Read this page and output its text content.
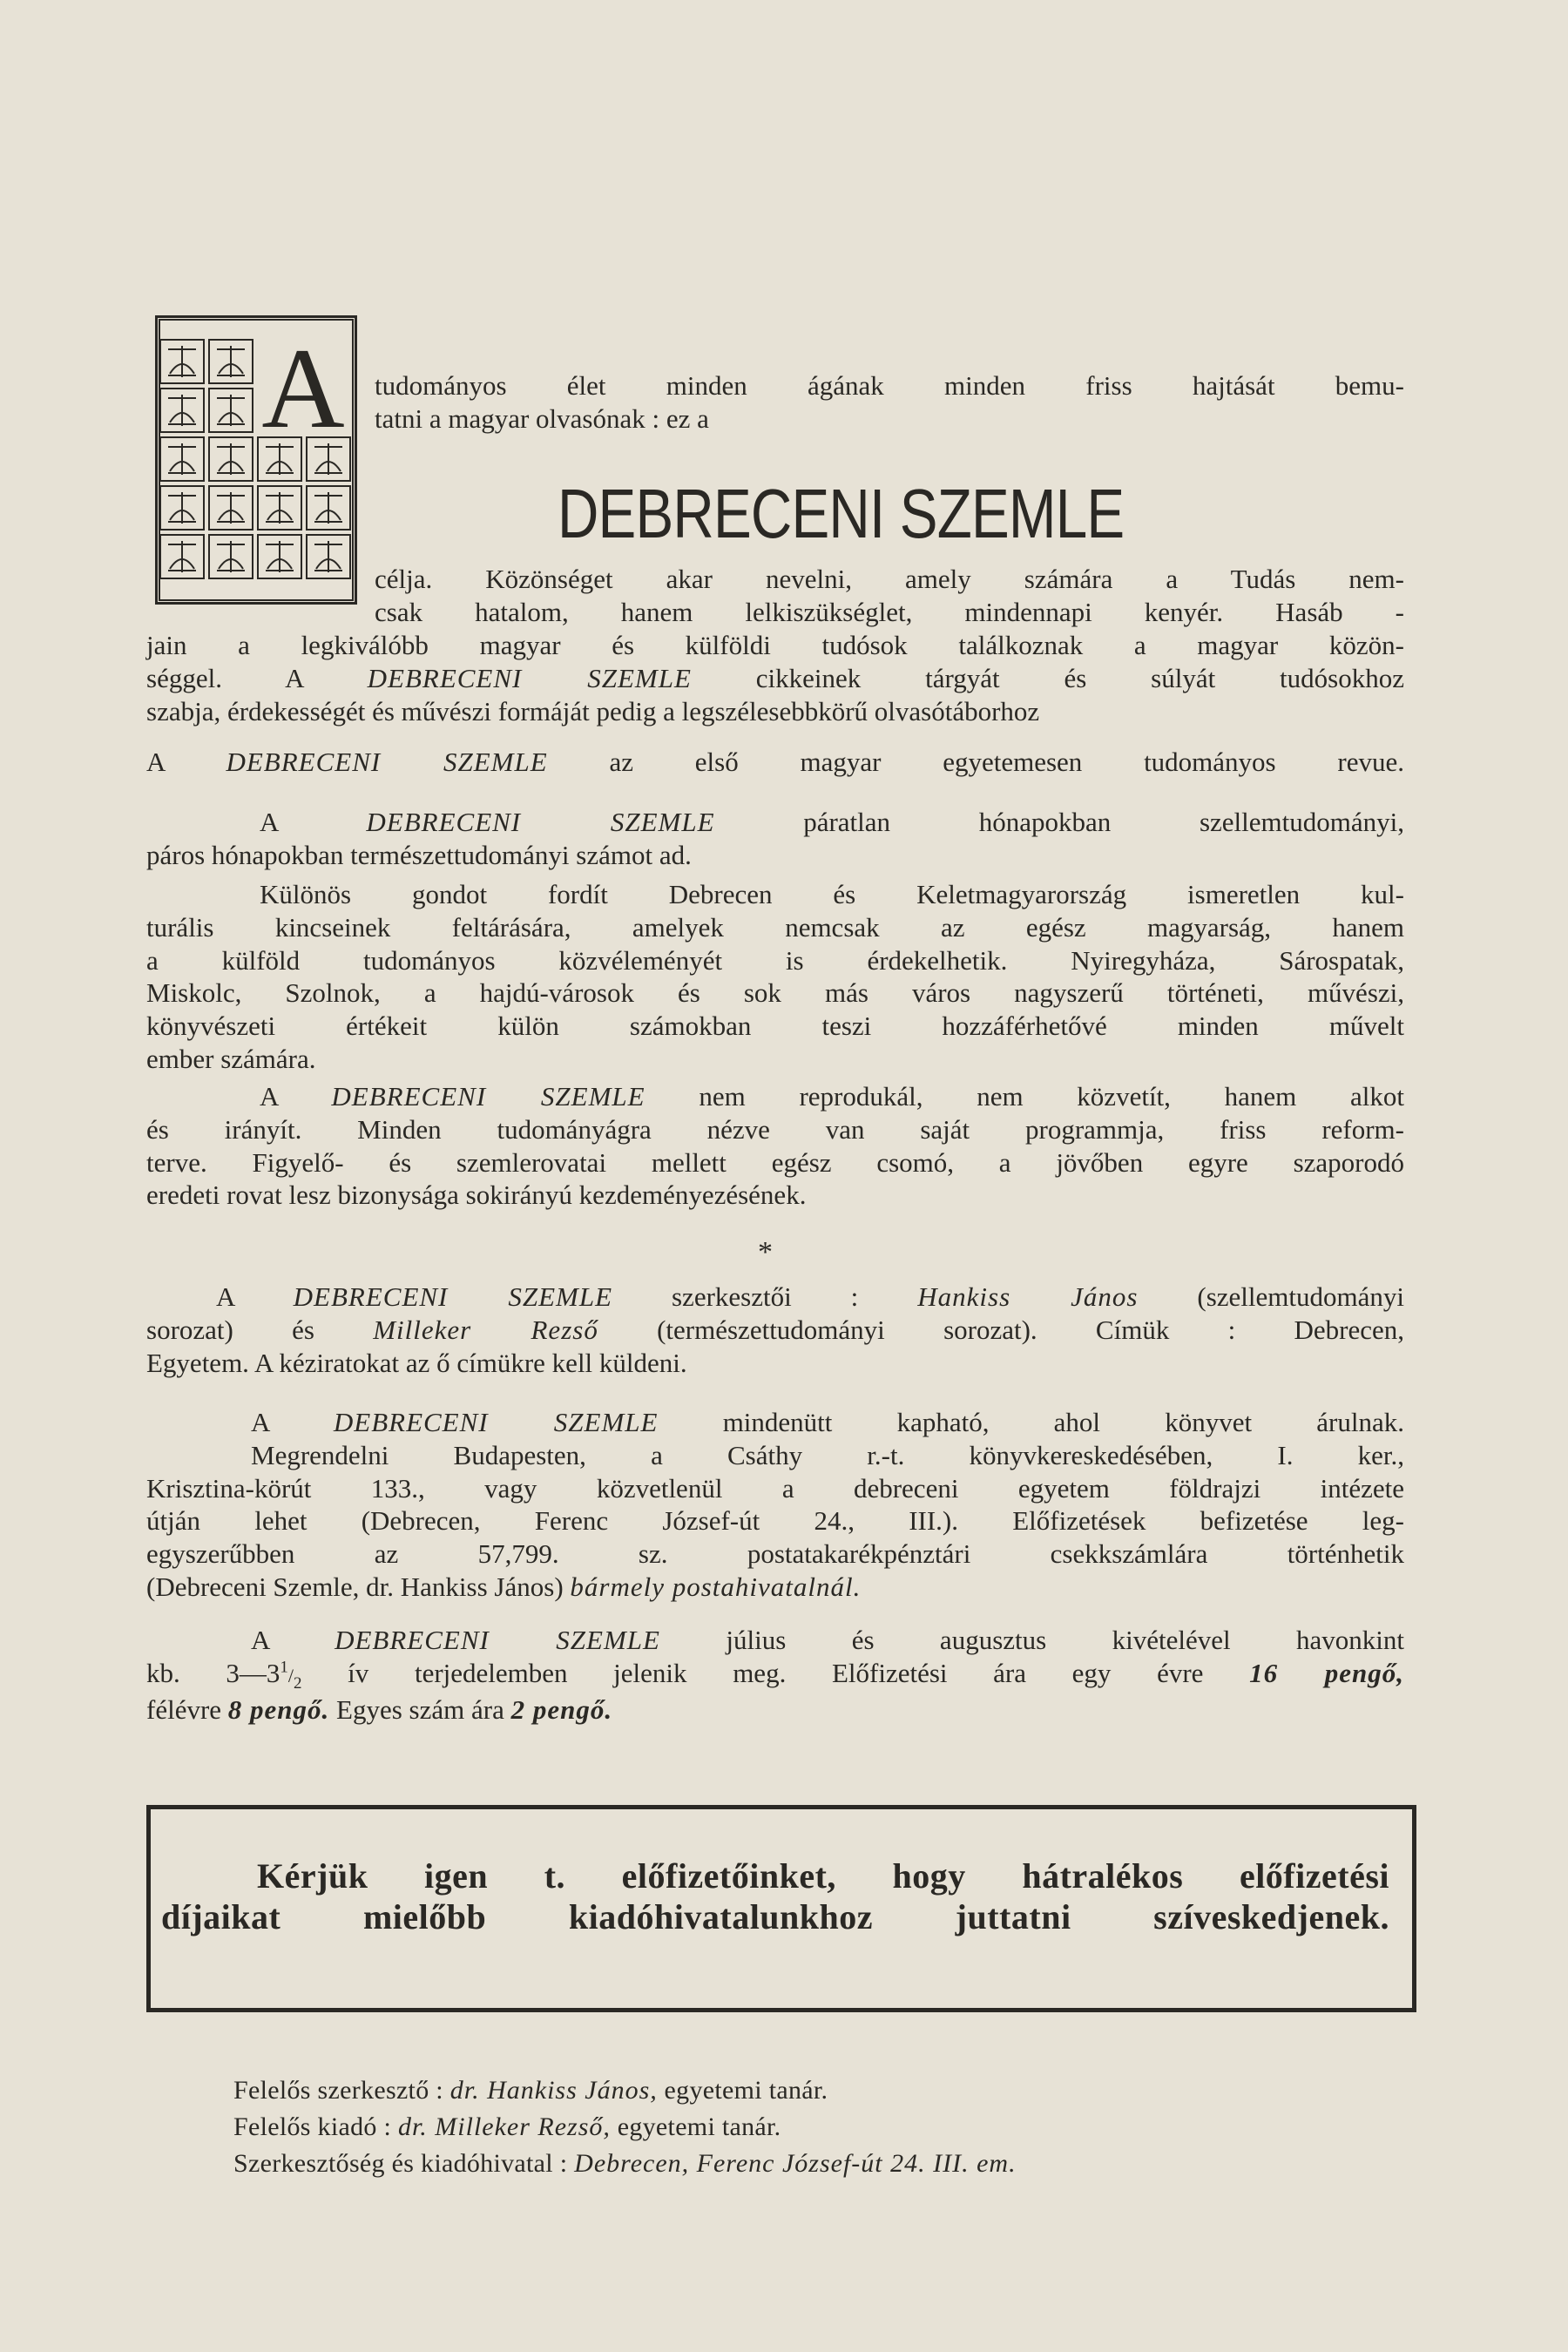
A tudományos élet minden ágának minden friss hajtását bemu-
tatni a magyar olvasónak : ez a
DEBRECENI SZEMLE
célja. Közönséget akar nevelni, amely számára a Tudás nem-
csak hatalom, hanem lelkiszükséglet, mindennapi kenyér. Hasáb -
jain a legkiválóbb magyar és külföldi tudósok találkoznak a magyar közön-
séggel. A DEBRECENI SZEMLE cikkeinek tárgyát és súlyát tudósokhoz
szabja, érdekességét és művészi formáját pedig a legszélesebbkörű olvasótáborhoz
A DEBRECENI SZEMLE az első magyar egyetemesen tudományos revue.
A DEBRECENI SZEMLE páratlan hónapokban szellemtudományi,
páros hónapokban természettudományi számot ad.
Különös gondot fordít Debrecen és Keletmagyarország ismeretlen kul-
turális kincseinek feltárására, amelyek nemcsak az egész magyarság, hanem
a külföld tudományos közvéleményét is érdekelhetik. Nyiregyháza, Sárospatak,
Miskolc, Szolnok, a hajdú-városok és sok más város nagyszerű történeti, művészi,
könyvészeti értékeit külön számokban teszi hozzáférhetővé minden művelt
ember számára.
A DEBRECENI SZEMLE nem reprodukál, nem közvetít, hanem alkot
és irányít. Minden tudományágra nézve van saját programmja, friss reform-
terve. Figyelő- és szemlerovatai mellett egész csomó, a jövőben egyre szaporodó
eredeti rovat lesz bizonysága sokirányú kezdeményezésének.
*
A DEBRECENI SZEMLE szerkesztői : Hankiss János (szellemtudományi
sorozat) és Milleker Rezső (természettudományi sorozat). Címük : Debrecen,
Egyetem. A kéziratokat az ő címükre kell küldeni.
A DEBRECENI SZEMLE mindenütt kapható, ahol könyvet árulnak.
Megrendelni Budapesten, a Csáthy r.-t. könyvkereskedésében, I. ker.,
Krisztina-körút 133., vagy közvetlenül a debreceni egyetem földrajzi intézete
útján lehet (Debrecen, Ferenc József-út 24., III.). Előfizetések befizetése leg-
egyszerűbben az 57,799. sz. postatakarékpénztári csekkszámlára történhetik
(Debreceni Szemle, dr. Hankiss János) bármely postahivatalnál.
A DEBRECENI SZEMLE július és augusztus kivételével havonkint
kb. $3—3^1/_2$ ív terjedelemben jelenik meg. Előfizetési ára egy évre 16 pengő,
félévre 8 pengő. Egyes szám ára 2 pengő.
Kérjük igen t. előfizetőinket, hogy hátralékos előfizetési
díjaikat mielőbb kiadóhivatalunkhoz juttatni szíveskedjenek.
Felelős szerkesztő : dr. Hankiss János, egyetemi tanár.
Felelős kiadó : dr. Milleker Rezső, egyetemi tanár.
Szerkesztőség és kiadóhivatal : Debrecen, Ferenc József-út 24. III. em.
